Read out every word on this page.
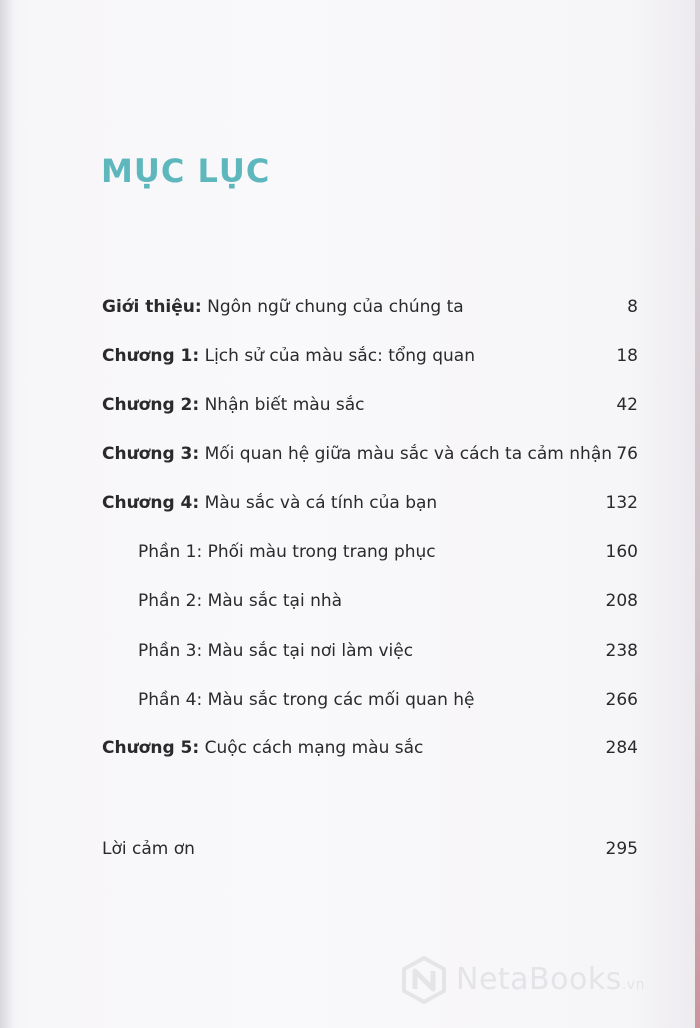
MỤC LỤC
Giới thiệu: Ngôn ngữ chung của chúng ta	8
Chương 1: Lịch sử của màu sắc: tổng quan	18
Chương 2: Nhận biết màu sắc	42
Chương 3: Mối quan hệ giữa màu sắc và cách ta cảm nhận 76
Chương 4: Màu sắc và cá tính của bạn	132
Phần 1: Phối màu trong trang phục	160
Phần 2: Màu sắc tại nhà	208
Phần 3: Màu sắc tại nơi làm việc	238
Phần 4: Màu sắc trong các mối quan hệ	266
Chương 5: Cuộc cách mạng màu sắc	284
Lời cảm ơn	295
NetaBooks.vn
